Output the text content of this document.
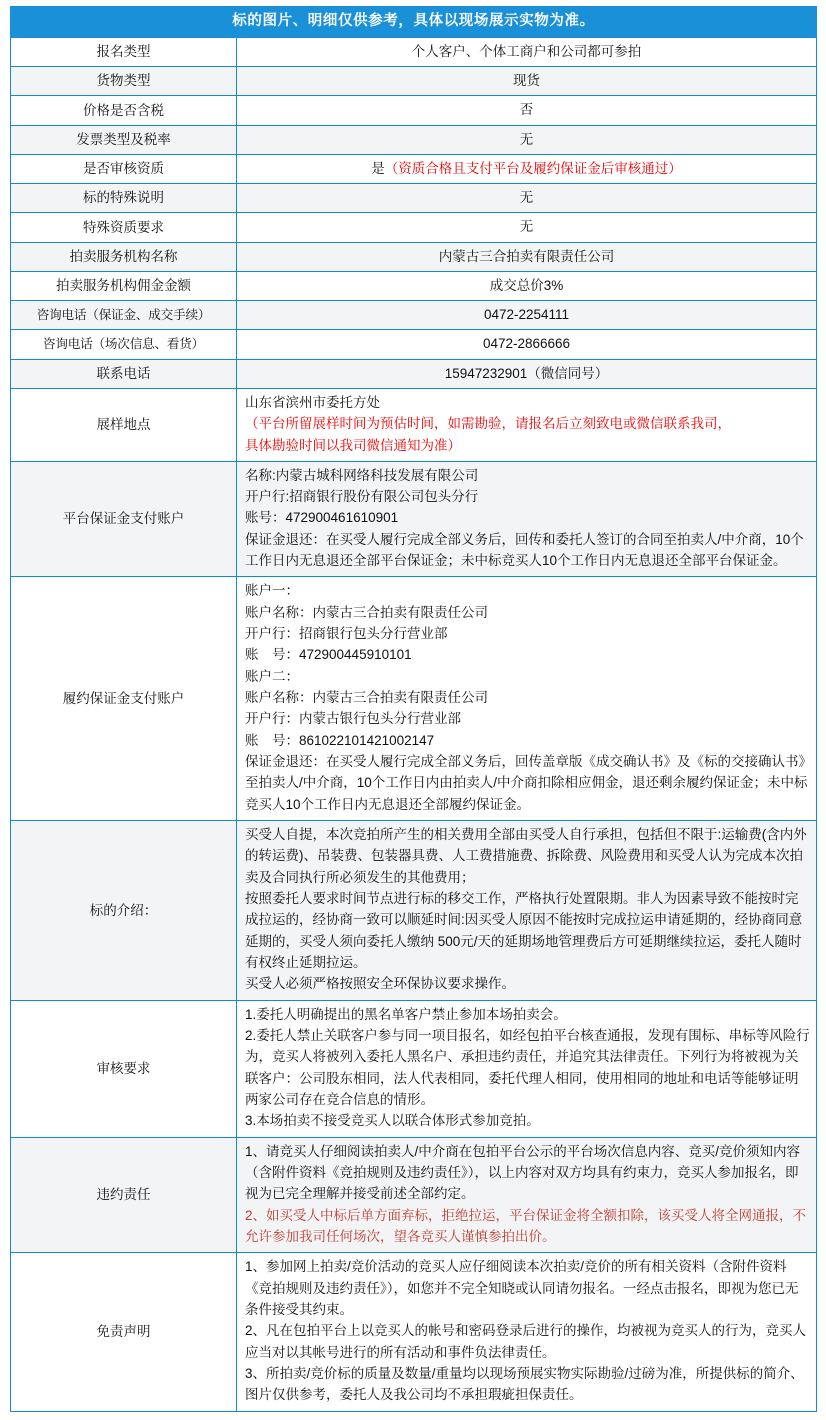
标的图片、明细仅供参考，具体以现场展示实物为准。	
报名类型	个人客户、个体工商户和公司都可参拍
货物类型	现货
价格是否含税	否
发票类型及税率	无
是否审核资质	是（资质合格且支付平台及履约保证金后审核通过）
标的特殊说明	无
特殊资质要求	无
拍卖服务机构名称	内蒙古三合拍卖有限责任公司
拍卖服务机构佣金金额	成交总价3%
咨询电话（保证金、成交手续）	0472-2254111
咨询电话（场次信息、看货）	0472-2866666
联系电话	15947232901（微信同号）
展样地点	山东省滨州市委托方处
（平台所留展样时间为预估时间，如需勘验，请报名后立刻致电或微信联系我司，
具体勘验时间以我司微信通知为准）

平台保证金支付账户	名称:内蒙古城科网络科技发展有限公司
开户行:招商银行股份有限公司包头分行
账号：472900461610901
保证金退还：在买受人履行完成全部义务后，回传和委托人签订的合同至拍卖人/中介商，10个工作日内无息退还全部平台保证金；未中标竞买人10个工作日内无息退还全部平台保证金。

履约保证金支付账户	
账户一：
账户名称：内蒙古三合拍卖有限责任公司
开户行：招商银行包头分行营业部
账　号：472900445910101
账户二：
账户名称：内蒙古三合拍卖有限责任公司
开户行：内蒙古银行包头分行营业部
账　号：861022101421002147
保证金退还：在买受人履行完成全部义务后，回传盖章版《成交确认书》及《标的交接确认书》至拍卖人/中介商，10个工作日内由拍卖人/中介商扣除相应佣金，退还剩余履约保证金；未中标竞买人10个工作日内无息退还全部履约保证金。

标的介绍：	买受人自提，本次竞拍所产生的相关费用全部由买受人自行承担，包括但不限于:运输费(含内外的转运费)、吊装费、包装器具费、人工费措施费、拆除费、风险费用和买受人认为完成本次拍卖及合同执行所必须发生的其他费用；
按照委托人要求时间节点进行标的移交工作，严格执行处置限期。非人为因素导致不能按时完成拉运的，经协商一致可以顺延时间:因买受人原因不能按时完成拉运申请延期的，经协商同意延期的，买受人须向委托人缴纳 500元/天的延期场地管理费后方可延期继续拉运，委托人随时有权终止延期拉运。
买受人必须严格按照安全环保协议要求操作。

审核要求	1.委托人明确提出的黑名单客户禁止参加本场拍卖会。
2.委托人禁止关联客户参与同一项目报名，如经包拍平台核查通报，发现有围标、串标等风险行为，竞买人将被列入委托人黑名户、承担违约责任，并追究其法律责任。下列行为将被视为关联客户：公司股东相同，法人代表相同，委托代理人相同，使用相同的地址和电话等能够证明两家公司存在竞合信息的情形。
3.本场拍卖不接受竞买人以联合体形式参加竞拍。

违约责任	1、请竞买人仔细阅读拍卖人/中介商在包拍平台公示的平台场次信息内容、竞买/竞价须知内容（含附件资料《竞拍规则及违约责任》），以上内容对双方均具有约束力，竞买人参加报名，即视为已完全理解并接受前述全部约定。
2、如买受人中标后单方面弃标，拒绝拉运，平台保证金将全额扣除，该买受人将全网通报，不允许参加我司任何场次，望各竞买人谨慎参拍出价。

免责声明	1、参加网上拍卖/竞价活动的竞买人应仔细阅读本次拍卖/竞价的所有相关资料（含附件资料《竞拍规则及违约责任》），如您并不完全知晓或认同请勿报名。一经点击报名，即视为您已无条件接受其约束。
2、凡在包拍平台上以竞买人的帐号和密码登录后进行的操作，均被视为竞买人的行为，竞买人应当对以其帐号进行的所有活动和事件负法律责任。
3、所拍卖/竞价标的质量及数量/重量均以现场预展实物实际勘验/过磅为准，所提供标的简介、图片仅供参考，委托人及我公司均不承担瑕疵担保责任。
